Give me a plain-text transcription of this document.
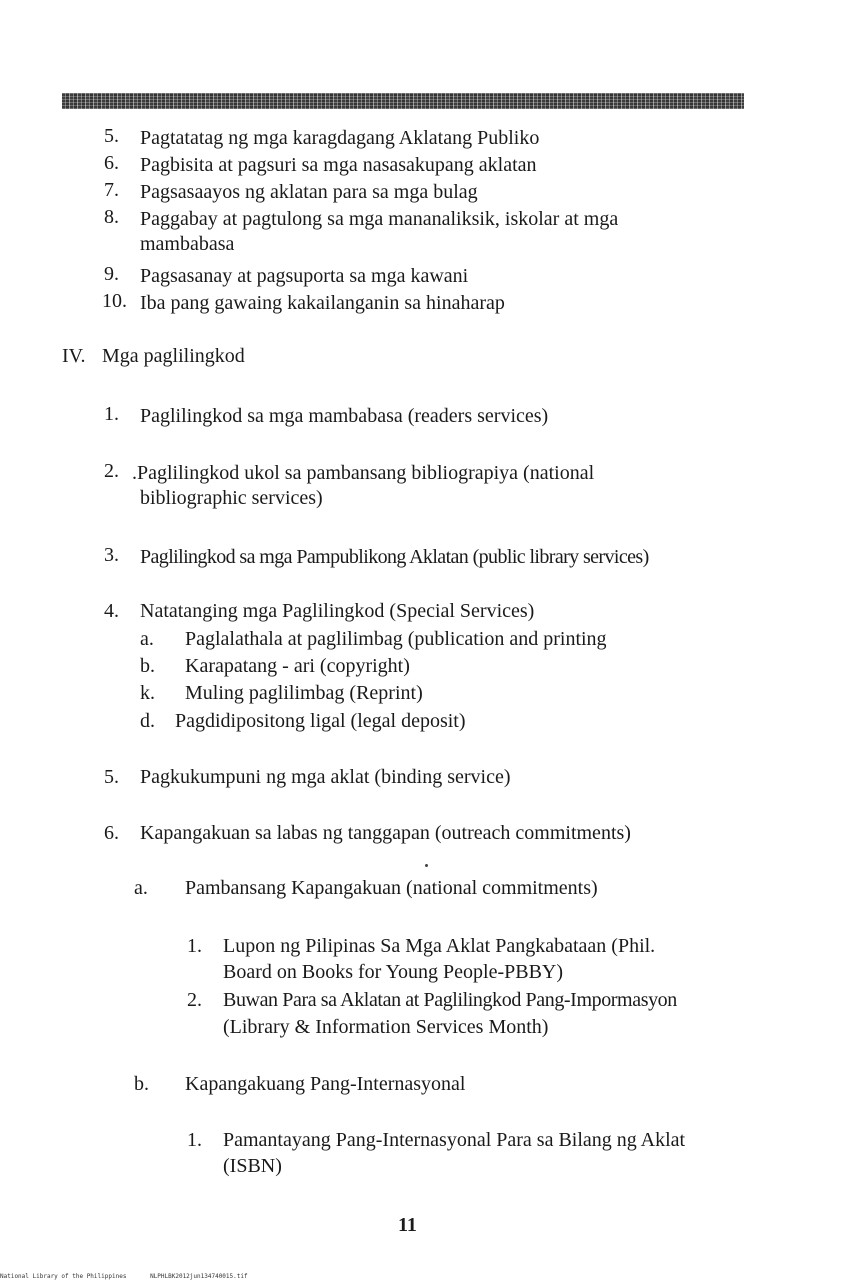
5. Pagtatatag ng mga karagdagang Aklatang Publiko
6. Pagbisita at pagsuri sa mga nasasakupang aklatan
7. Pagsasaayos ng aklatan para sa mga bulag
8. Paggabay at pagtulong sa mga mananaliksik, iskolar at mga
mambabasa
9. Pagsasanay at pagsuporta sa mga kawani
10. Iba pang gawaing kakailanganin sa hinaharap
IV. Mga paglilingkod
1. Paglilingkod sa mga mambabasa (readers services)
2. .Paglilingkod ukol sa pambansang bibliograpiya (national
bibliographic services)
3. Paglilingkod sa mga Pampublikong Aklatan (public library services)
4. Natatanging mga Paglilingkod (Special Services)
a. Paglalathala at paglilimbag (publication and printing
b. Karapatang - ari (copyright)
k. Muling paglilimbag (Reprint)
d. Pagdidipositong ligal (legal deposit)
5. Pagkukumpuni ng mga aklat (binding service)
6. Kapangakuan sa labas ng tanggapan (outreach commitments)
a. Pambansang Kapangakuan (national commitments)
1. Lupon ng Pilipinas Sa Mga Aklat Pangkabataan (Phil.
Board on Books for Young People-PBBY)
2. Buwan Para sa Aklatan at Paglilingkod Pang-Impormasyon
(Library & Information Services Month)
b. Kapangakuang Pang-Internasyonal
1. Pamantayang Pang-Internasyonal Para sa Bilang ng Aklat
(ISBN)
11
National Library of the Philippines	NLPHLBK2012jun134740015.tif
